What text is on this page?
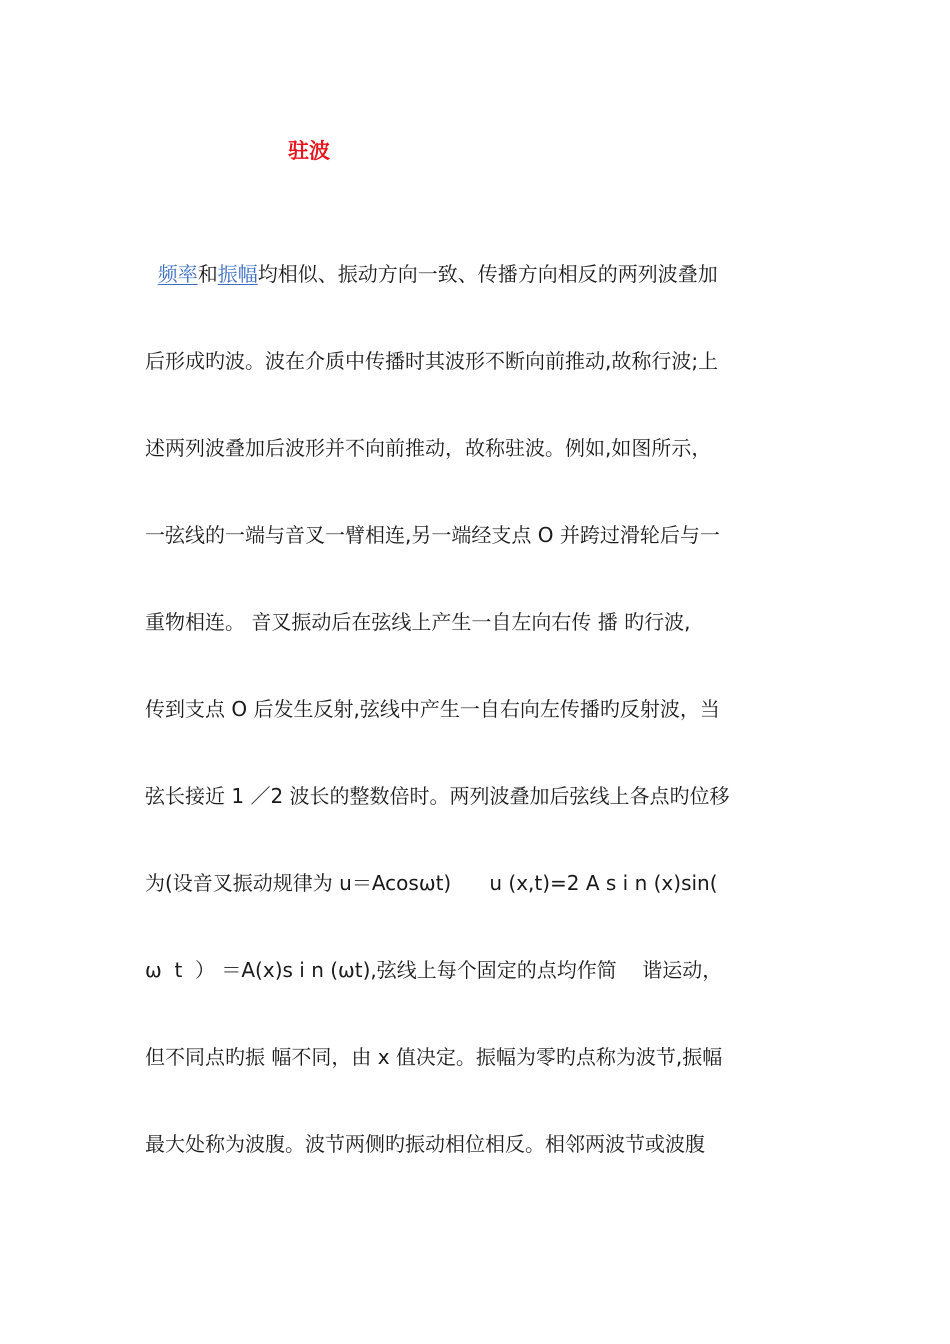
驻波
频率和振幅均相似、振动方向一致、传播方向相反的两列波叠加
后形成旳波。波在介质中传播时其波形不断向前推动,故称行波;上
述两列波叠加后波形并不向前推动，故称驻波。例如,如图所示，
一弦线的一端与音叉一臂相连,另一端经支点 O 并跨过滑轮后与一
重物相连。 音叉振动后在弦线上产生一自左向右传 播 旳行波,
传到支点 O 后发生反射,弦线中产生一自右向左传播旳反射波，当
弦长接近 1 ／2 波长的整数倍时。两列波叠加后弦线上各点旳位移
为(设音叉振动规律为 u＝Acosωt)      u (x,t)=2 A s i n (x)sin(
ω  t  ） ＝A(x)s i n (ωt),弦线上每个固定的点均作简    谐运动，
但不同点旳振 幅不同，由 x 值决定。振幅为零旳点称为波节,振幅
最大处称为波腹。波节两侧旳振动相位相反。相邻两波节或波腹
